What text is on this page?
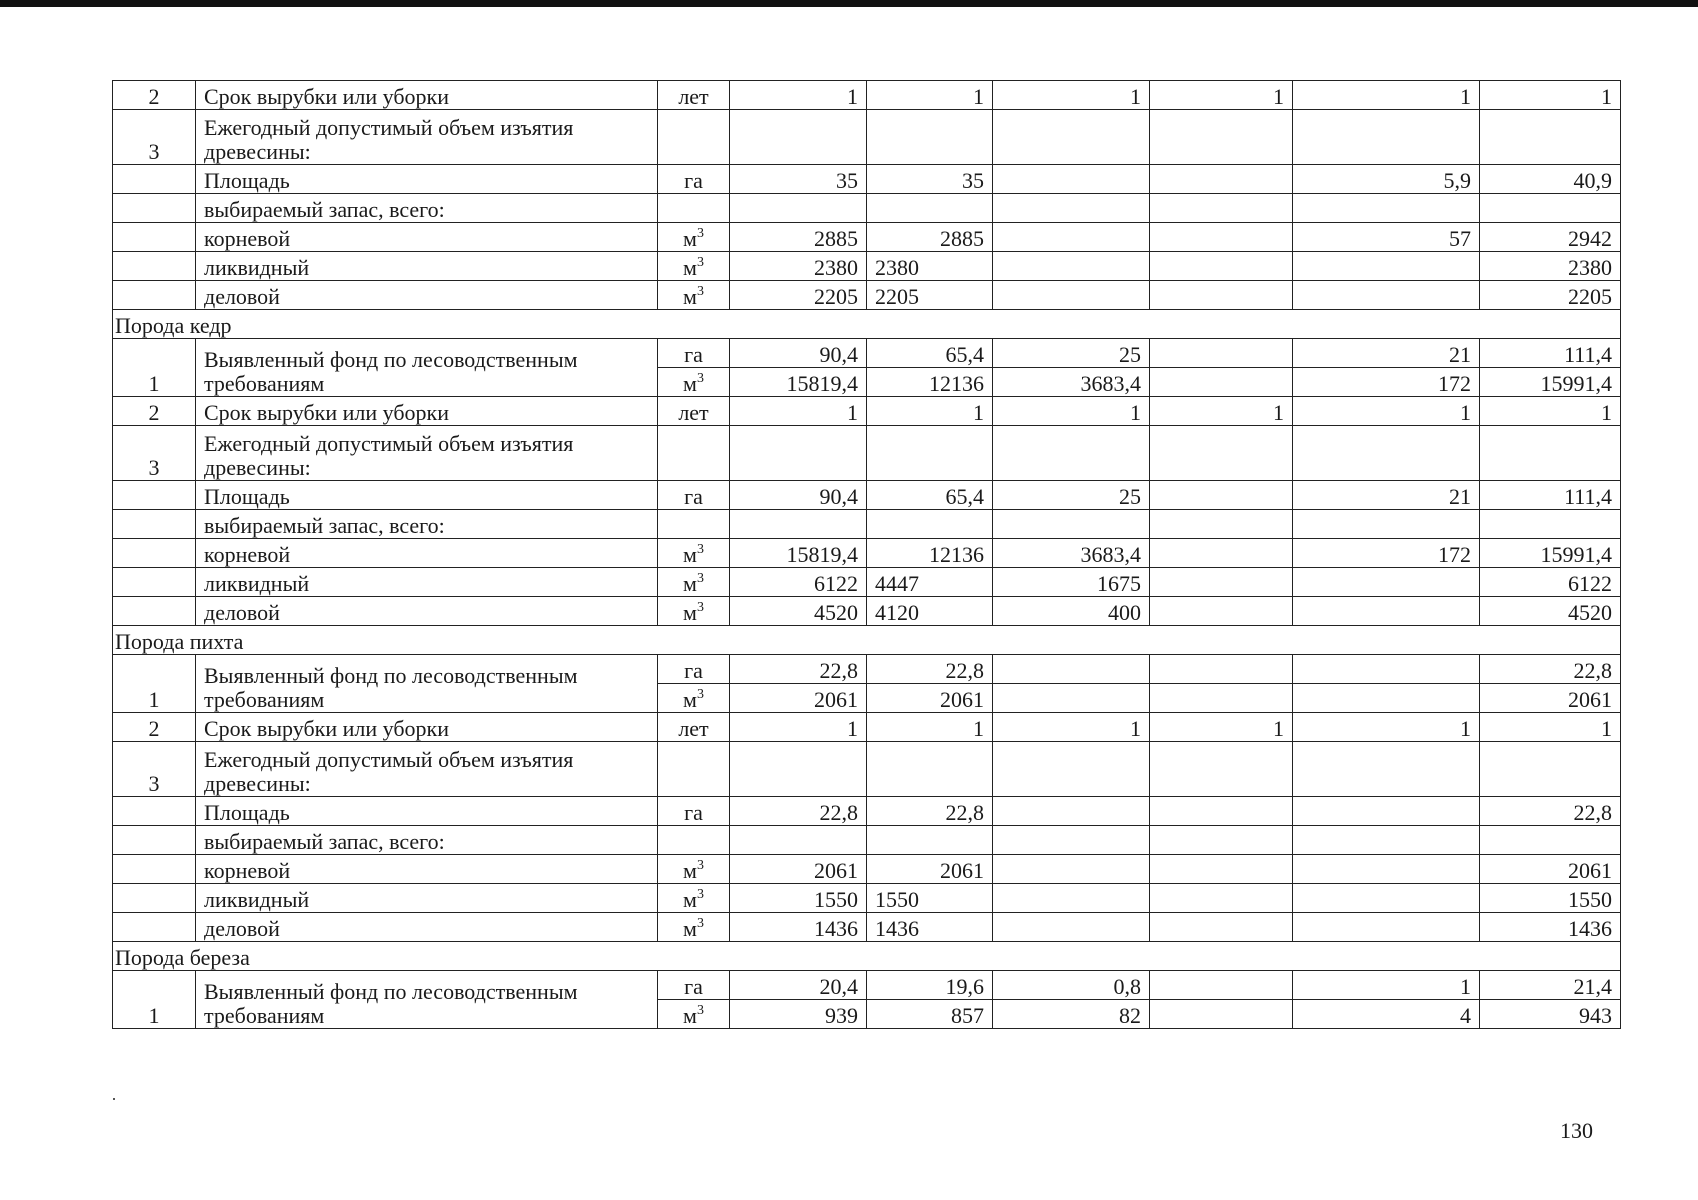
2	Срок вырубки или уборки	лет	1	1	1	1	1	1
3	Ежегодный допустимый объем изъятия древесины:							
	Площадь	га	35	35			5,9	40,9
	выбираемый запас, всего:							
	корневой	$м^3$	2885	2885			57	2942
	ликвидный	$м^3$	2380	2380				2380
	деловой	$м^3$	2205	2205				2205
Порода кедр								
1	Выявленный фонд по лесоводственным требованиям	га	90,4	65,4	25		21	111,4
		$м^3$	15819,4	12136	3683,4		172	15991,4
2	Срок вырубки или уборки	лет	1	1	1	1	1	1
3	Ежегодный допустимый объем изъятия древесины:							
	Площадь	га	90,4	65,4	25		21	111,4
	выбираемый запас, всего:							
	корневой	$м^3$	15819,4	12136	3683,4		172	15991,4
	ликвидный	$м^3$	6122	4447	1675			6122
	деловой	$м^3$	4520	4120	400			4520
Порода пихта								
1	Выявленный фонд по лесоводственным требованиям	га	22,8	22,8				22,8
		$м^3$	2061	2061				2061
2	Срок вырубки или уборки	лет	1	1	1	1	1	1
3	Ежегодный допустимый объем изъятия древесины:							
	Площадь	га	22,8	22,8				22,8
	выбираемый запас, всего:							
	корневой	$м^3$	2061	2061				2061
	ликвидный	$м^3$	1550	1550				1550
	деловой	$м^3$	1436	1436				1436
Порода береза								
1	Выявленный фонд по лесоводственным требованиям	га	20,4	19,6	0,8		1	21,4
		$м^3$	939	857	82		4	943
130
